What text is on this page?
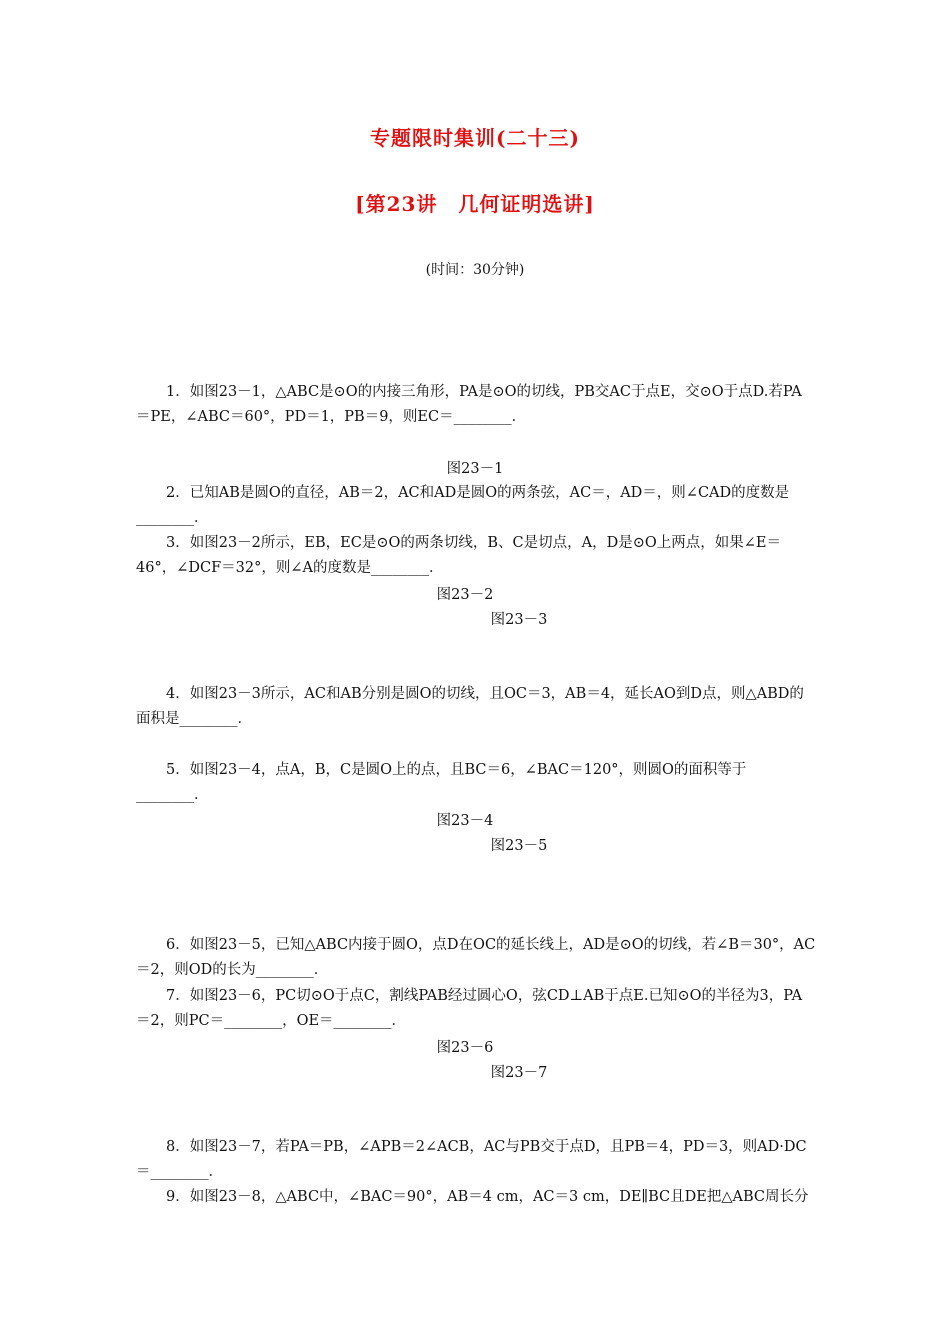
专题限时集训(二十三)
[第23讲　几何证明选讲]
(时间：30分钟)
1．如图23－1，△ABC是⊙O的内接三角形，PA是⊙O的切线，PB交AC于点E，交⊙O于点D.若PA＝PE，∠ABC＝60°，PD＝1，PB＝9，则EC＝________．
图23－1
2．已知AB是圆O的直径，AB＝2，AC和AD是圆O的两条弦，AC＝，AD＝，则∠CAD的度数是________．
3．如图23－2所示，EB，EC是⊙O的两条切线，B、C是切点，A，D是⊙O上两点，如果∠E＝46°，∠DCF＝32°，则∠A的度数是________．
图23－2
图23－3
4．如图23－3所示，AC和AB分别是圆O的切线，且OC＝3，AB＝4，延长AO到D点，则△ABD的面积是________．
5．如图23－4，点A，B，C是圆O上的点，且BC＝6，∠BAC＝120°，则圆O的面积等于________．
图23－4
图23－5
6．如图23－5，已知△ABC内接于圆O，点D在OC的延长线上，AD是⊙O的切线，若∠B＝30°，AC＝2，则OD的长为________．
7．如图23－6，PC切⊙O于点C，割线PAB经过圆心O，弦CD⊥AB于点E.已知⊙O的半径为3，PA＝2，则PC＝________，OE＝________．
图23－6
图23－7
8．如图23－7，若PA＝PB，∠APB＝2∠ACB，AC与PB交于点D，且PB＝4，PD＝3，则AD·DC＝________．
9．如图23－8，△ABC中，∠BAC＝90°，AB＝4 cm，AC＝3 cm，DE∥BC且DE把△ABC周长分
